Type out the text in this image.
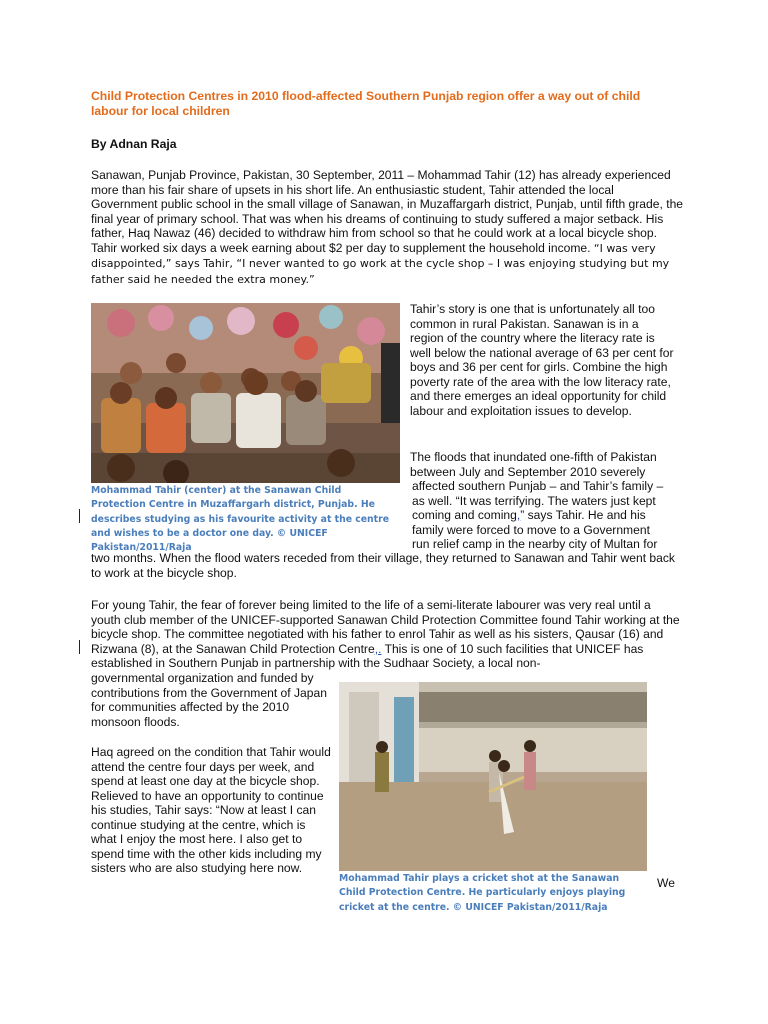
Child Protection Centres in 2010 flood-affected Southern Punjab region offer a way out of child labour for local children

By Adnan Raja

Sanawan, Punjab Province, Pakistan, 30 September, 2011 – Mohammad Tahir (12) has already experienced more than his fair share of upsets in his short life. An enthusiastic student, Tahir attended the local Government public school in the small village of Sanawan, in Muzaffargarh district, Punjab, until fifth grade, the final year of primary school. That was when his dreams of continuing to study suffered a major setback. His father, Haq Nawaz (46) decided to withdraw him from school so that he could work at a local bicycle shop. Tahir worked six days a week earning about $2 per day to supplement the household income. “I was very disappointed,” says Tahir, “I never wanted to go work at the cycle shop – I was enjoying studying but my father said he needed the extra money.”

Mohammad Tahir (center) at the Sanawan Child Protection Centre in Muzaffargarh district, Punjab. He describes studying as his favourite activity at the centre and wishes to be a doctor one day. © UNICEF Pakistan/2011/Raja

Tahir’s story is one that is unfortunately all too common in rural Pakistan. Sanawan is in a region of the country where the literacy rate is well below the national average of 63 per cent for boys and 36 per cent for girls. Combine the high poverty rate of the area with the low literacy rate, and there emerges an ideal opportunity for child labour and exploitation issues to develop.

The floods that inundated one-fifth of Pakistan between July and September 2010 severely
affected southern Punjab – and Tahir’s family –
as well. “It was terrifying. The waters just kept
coming and coming,” says Tahir. He and his
family were forced to move to a Government
run relief camp in the nearby city of Multan for

two months. When the flood waters receded from their village, they returned to Sanawan and Tahir went back to work at the bicycle shop.

For young Tahir, the fear of forever being limited to the life of a semi-literate labourer was very real until a youth club member of the UNICEF-supported Sanawan Child Protection Committee found Tahir working at the bicycle shop. The committee negotiated with his father to enrol Tahir as well as his sisters, Qausar (16) and Rizwana (8), at the Sanawan Child Protection Centre,. This is one of 10 such facilities that UNICEF has established in Southern Punjab in partnership with the Sudhaar Society, a local non-

governmental organization and funded by contributions from the Government of Japan for communities affected by the 2010 monsoon floods.

Haq agreed on the condition that Tahir would attend the centre four days per week, and spend at least one day at the bicycle shop. Relieved to have an opportunity to continue his studies, Tahir says: “Now at least I can continue studying at the centre, which is what I enjoy the most here. I also get to spend time with the other kids including my sisters who are also studying here now.

Mohammad Tahir plays a cricket shot at the Sanawan Child Protection Centre. He particularly enjoys playing cricket at the centre. © UNICEF Pakistan/2011/Raja

We
